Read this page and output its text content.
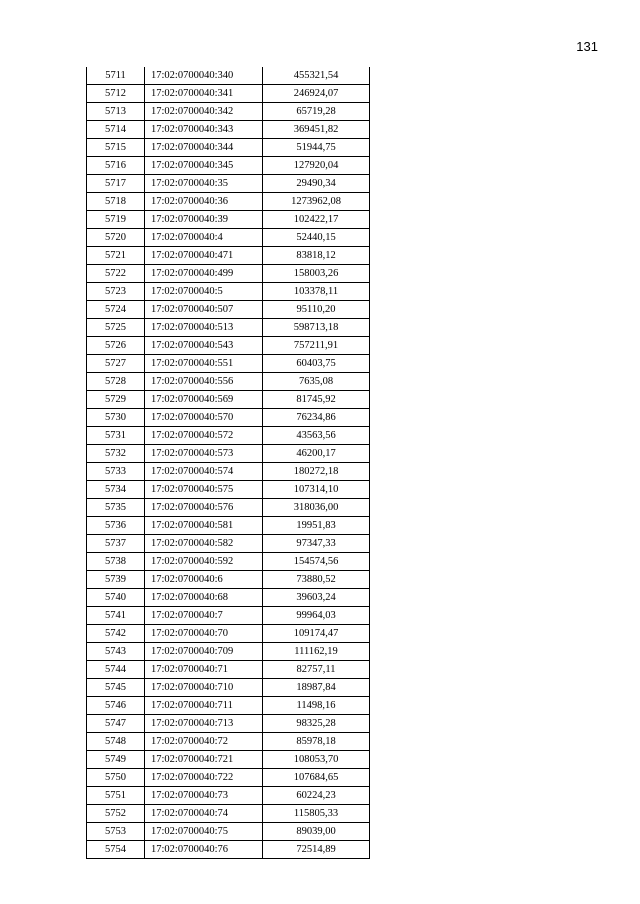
131
5711	17:02:0700040:340	455321,54
5712	17:02:0700040:341	246924,07
5713	17:02:0700040:342	65719,28
5714	17:02:0700040:343	369451,82
5715	17:02:0700040:344	51944,75
5716	17:02:0700040:345	127920,04
5717	17:02:0700040:35	29490,34
5718	17:02:0700040:36	1273962,08
5719	17:02:0700040:39	102422,17
5720	17:02:0700040:4	52440,15
5721	17:02:0700040:471	83818,12
5722	17:02:0700040:499	158003,26
5723	17:02:0700040:5	103378,11
5724	17:02:0700040:507	95110,20
5725	17:02:0700040:513	598713,18
5726	17:02:0700040:543	757211,91
5727	17:02:0700040:551	60403,75
5728	17:02:0700040:556	7635,08
5729	17:02:0700040:569	81745,92
5730	17:02:0700040:570	76234,86
5731	17:02:0700040:572	43563,56
5732	17:02:0700040:573	46200,17
5733	17:02:0700040:574	180272,18
5734	17:02:0700040:575	107314,10
5735	17:02:0700040:576	318036,00
5736	17:02:0700040:581	19951,83
5737	17:02:0700040:582	97347,33
5738	17:02:0700040:592	154574,56
5739	17:02:0700040:6	73880,52
5740	17:02:0700040:68	39603,24
5741	17:02:0700040:7	99964,03
5742	17:02:0700040:70	109174,47
5743	17:02:0700040:709	111162,19
5744	17:02:0700040:71	82757,11
5745	17:02:0700040:710	18987,84
5746	17:02:0700040:711	11498,16
5747	17:02:0700040:713	98325,28
5748	17:02:0700040:72	85978,18
5749	17:02:0700040:721	108053,70
5750	17:02:0700040:722	107684,65
5751	17:02:0700040:73	60224,23
5752	17:02:0700040:74	115805,33
5753	17:02:0700040:75	89039,00
5754	17:02:0700040:76	72514,89
